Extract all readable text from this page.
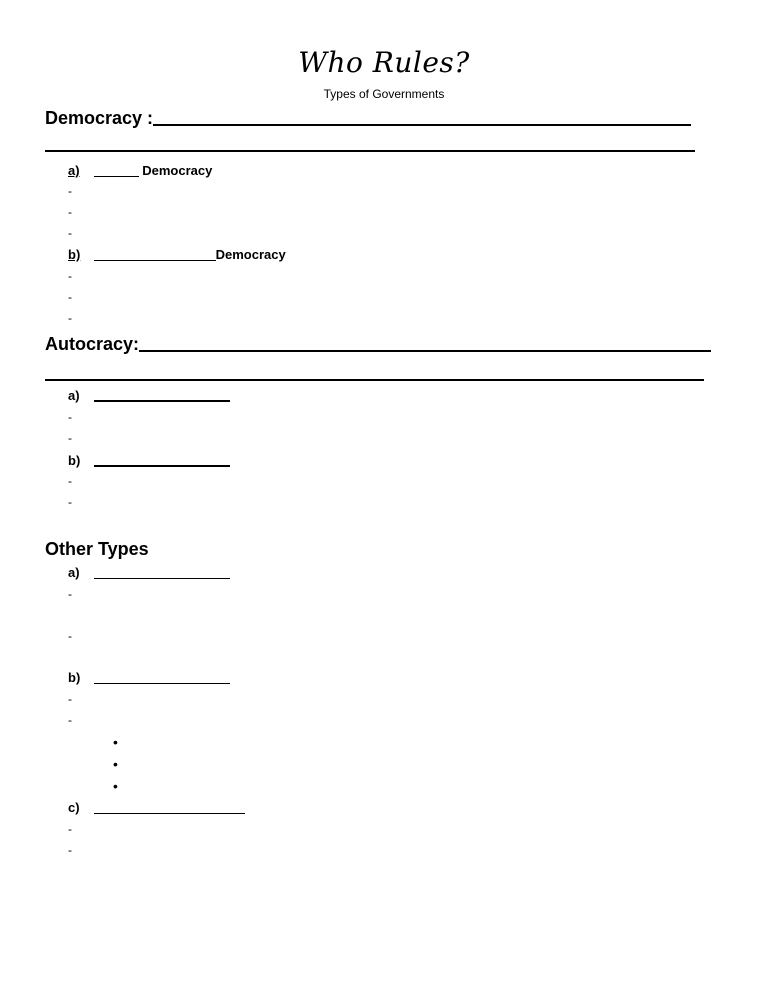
Who Rules?
Types of Governments
Democracy :
a)	Democracy
-
-
-
b)	Democracy
-
-
-
Autocracy:
a)
-
-
b)
-
-
Other Types
a)
-
-
b)
-
-
•
•
•
c)
-
-
